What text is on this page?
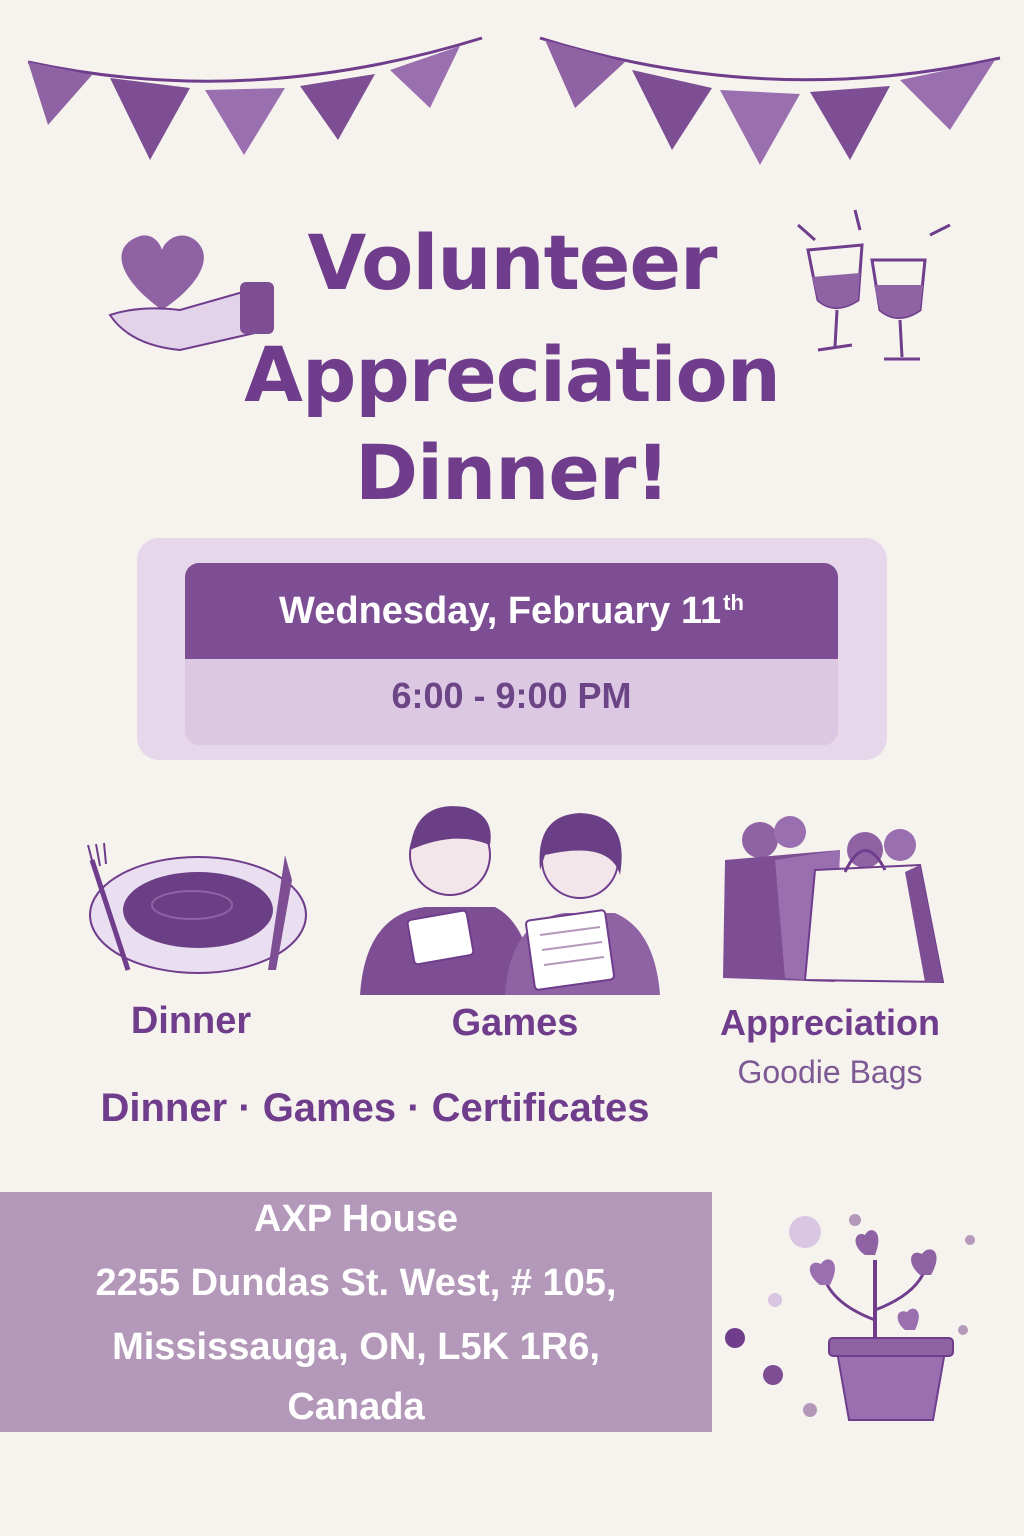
Volunteer
Appreciation
Dinner!
Wednesday, February 11th
6:00 - 9:00 PM
Dinner	Games	Appreciation
Goodie Bags
Dinner · Games · Certificates
AXP House
2255 Dundas St. West, # 105,
Mississauga, ON, L5K 1R6,
Canada
